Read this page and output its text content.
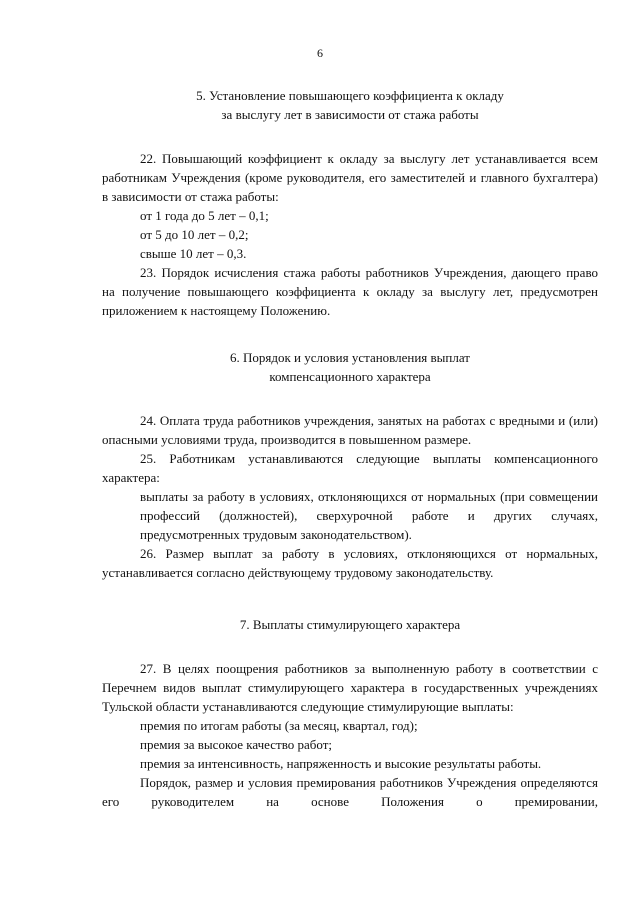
6

5. Установление повышающего коэффициента к окладу

за выслугу лет в зависимости от стажа работы

22. Повышающий коэффициент к окладу за выслугу лет устанавливается всем работникам Учреждения (кроме руководителя, его заместителей и главного бухгалтера) в зависимости от стажа работы:

от 1 года до 5 лет – 0,1;

от 5 до 10 лет – 0,2;

свыше 10 лет – 0,3.

23. Порядок исчисления стажа работы работников Учреждения, дающего право на получение повышающего коэффициента к окладу за выслугу лет, предусмотрен приложением к настоящему Положению.

6. Порядок и условия установления выплат

компенсационного характера

24. Оплата труда работников учреждения, занятых на работах с вредными и (или) опасными условиями труда, производится в повышенном размере.

25. Работникам устанавливаются следующие выплаты компенсационного характера:

выплаты за работу в условиях, отклоняющихся от нормальных (при совмещении профессий (должностей), сверхурочной работе и других случаях, предусмотренных трудовым законодательством).

26. Размер выплат за работу в условиях, отклоняющихся от нормальных, устанавливается согласно действующему трудовому законодательству.

7. Выплаты стимулирующего характера

27. В целях поощрения работников за выполненную работу в соответствии с Перечнем видов выплат стимулирующего характера в государственных учреждениях Тульской области устанавливаются следующие стимулирующие выплаты:

премия по итогам работы (за месяц, квартал, год);

премия за высокое качество работ;

премия за интенсивность, напряженность и высокие результаты работы.

Порядок, размер и условия премирования работников Учреждения определяются его руководителем на основе Положения о премировании,
